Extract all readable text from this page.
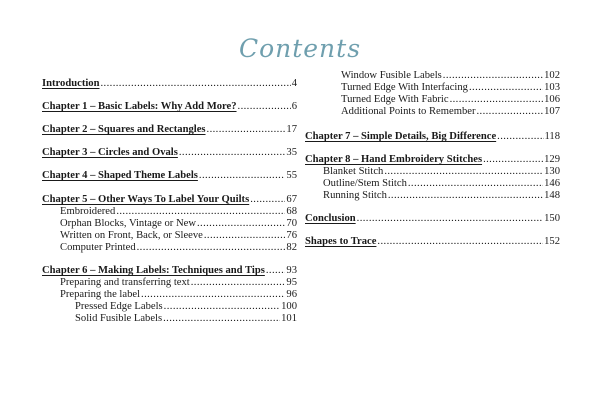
Contents
Introduction .....	4
Chapter 1 – Basic Labels: Why Add More? .....	6
Chapter 2 – Squares and Rectangles .....	17
Chapter 3 – Circles and Ovals .....	35
Chapter 4 – Shaped Theme Labels .....	55
Chapter 5 – Other Ways To Label Your Quilts .....	67
Embroidered .....	68
Orphan Blocks, Vintage or New .....	70
Written on Front, Back, or Sleeve .....	76
Computer Printed .....	82
Chapter 6 – Making Labels: Techniques and Tips ..... 93
Preparing and transferring text .....	95
Preparing the label .....	96
Pressed Edge Labels .....	100
Solid Fusible Labels .....	101
Window Fusible Labels .....	102
Turned Edge With Interfacing .....	103
Turned Edge With Fabric .....	106
Additional Points to Remember .....	107
Chapter 7 – Simple Details, Big Difference .....	118
Chapter 8 – Hand Embroidery Stitches .....	129
Blanket Stitch .....	130
Outline/Stem Stitch .....	146
Running Stitch .....	148
Conclusion .....	150
Shapes to Trace .....	152
